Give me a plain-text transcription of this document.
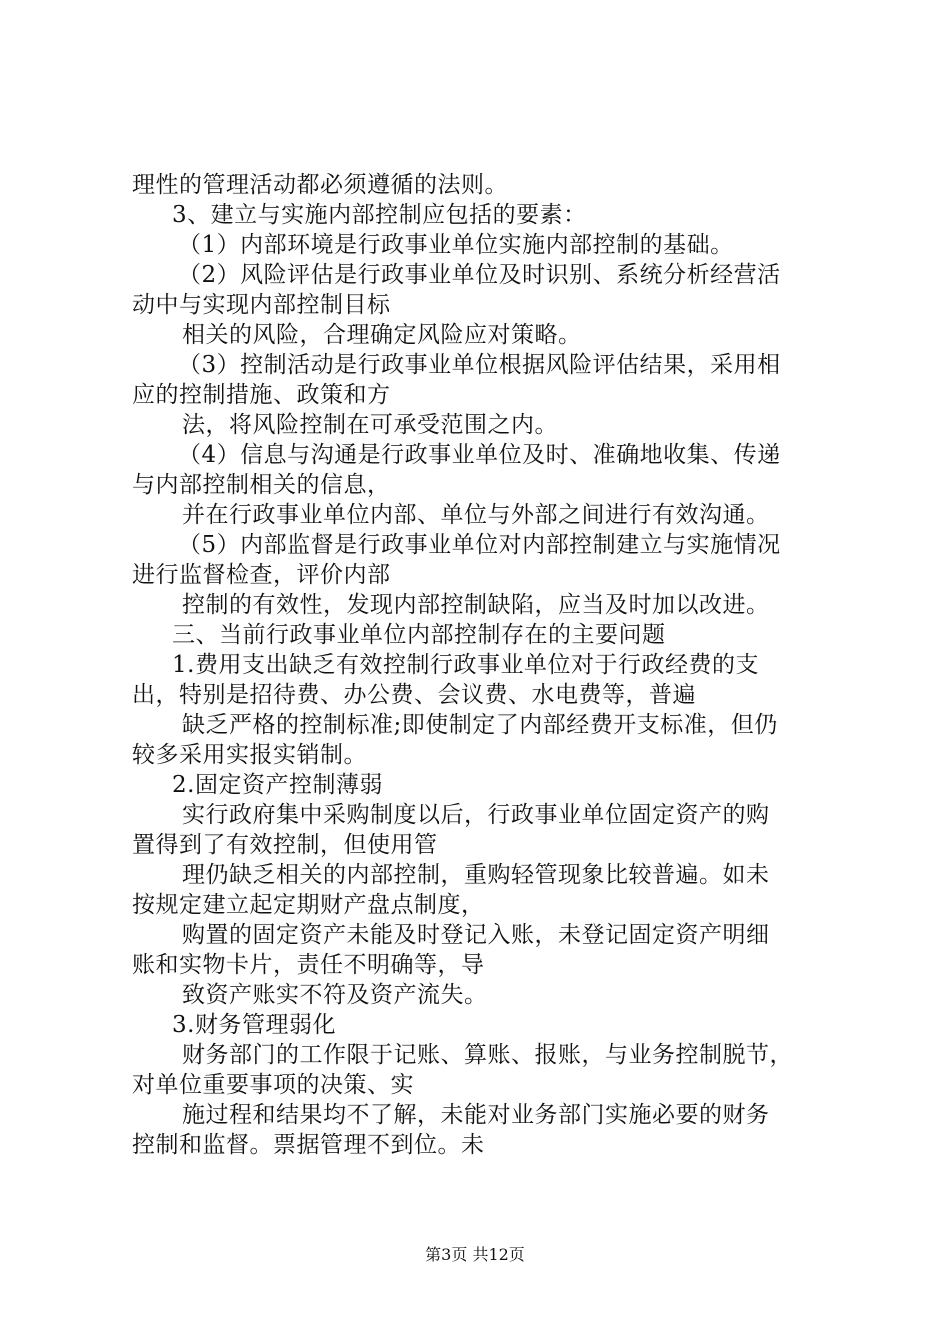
理性的管理活动都必须遵循的法则。
3、建立与实施内部控制应包括的要素：
（1）内部环境是行政事业单位实施内部控制的基础。
（2）风险评估是行政事业单位及时识别、系统分析经营活
动中与实现内部控制目标
相关的风险，合理确定风险应对策略。
（3）控制活动是行政事业单位根据风险评估结果，采用相
应的控制措施、政策和方
法，将风险控制在可承受范围之内。
（4）信息与沟通是行政事业单位及时、准确地收集、传递
与内部控制相关的信息，
并在行政事业单位内部、单位与外部之间进行有效沟通。
（5）内部监督是行政事业单位对内部控制建立与实施情况
进行监督检查，评价内部
控制的有效性，发现内部控制缺陷，应当及时加以改进。
三、当前行政事业单位内部控制存在的主要问题
1.费用支出缺乏有效控制行政事业单位对于行政经费的支
出，特别是招待费、办公费、会议费、水电费等，普遍
缺乏严格的控制标准;即使制定了内部经费开支标准，但仍
较多采用实报实销制。
2.固定资产控制薄弱
实行政府集中采购制度以后，行政事业单位固定资产的购
置得到了有效控制，但使用管
理仍缺乏相关的内部控制，重购轻管现象比较普遍。如未
按规定建立起定期财产盘点制度，
购置的固定资产未能及时登记入账，未登记固定资产明细
账和实物卡片，责任不明确等，导
致资产账实不符及资产流失。
3.财务管理弱化
财务部门的工作限于记账、算账、报账，与业务控制脱节，
对单位重要事项的决策、实
施过程和结果均不了解，未能对业务部门实施必要的财务
控制和监督。票据管理不到位。未
第3页 共12页
